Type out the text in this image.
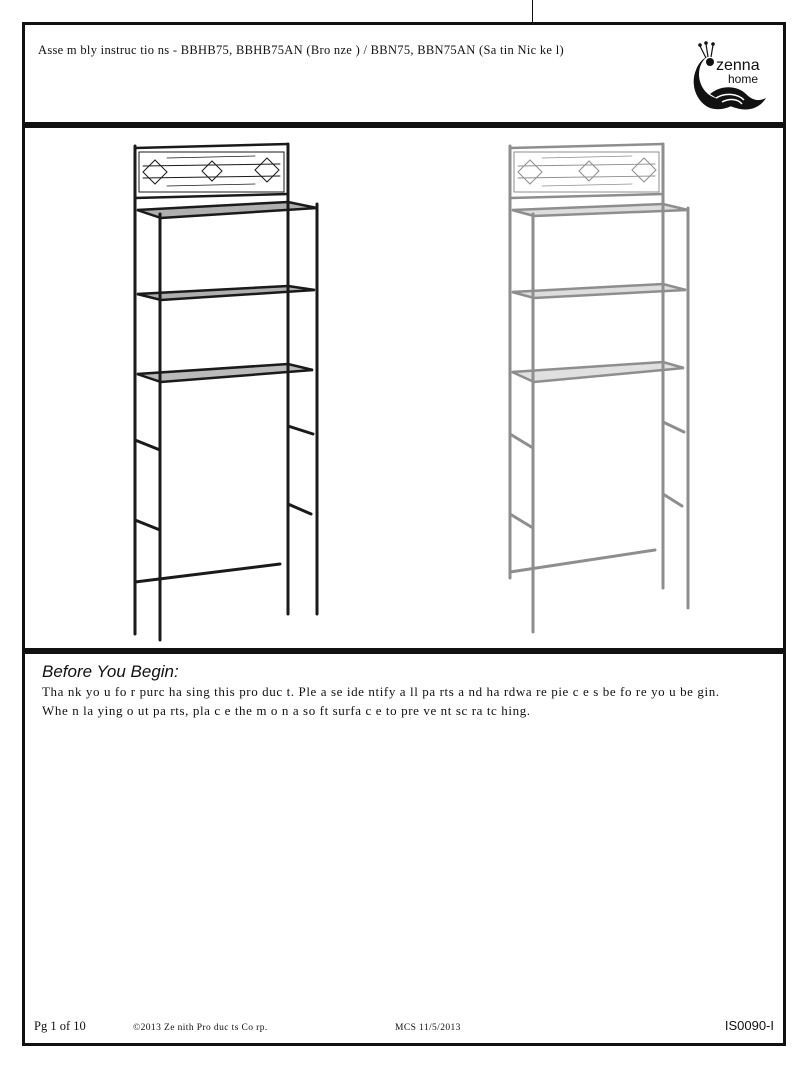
Asse m bly instruc tio ns - BBHB75, BBHB75AN (Bro nze ) / BBN75, BBN75AN (Sa tin Nic ke l)
zenna
home
Before You Begin:
Tha nk yo u fo r purc ha sing this pro duc t. Ple a se ide ntify a ll pa rts a nd ha rdwa re pie c e s be fo re yo u be gin.
Whe n la ying o ut pa rts, pla c e the m o n a so ft surfa c e to pre ve nt sc ra tc hing.
Pg 1 of 10	©2013 Ze nith Pro duc ts Co rp.	MCS 11/5/2013	IS0090-I
